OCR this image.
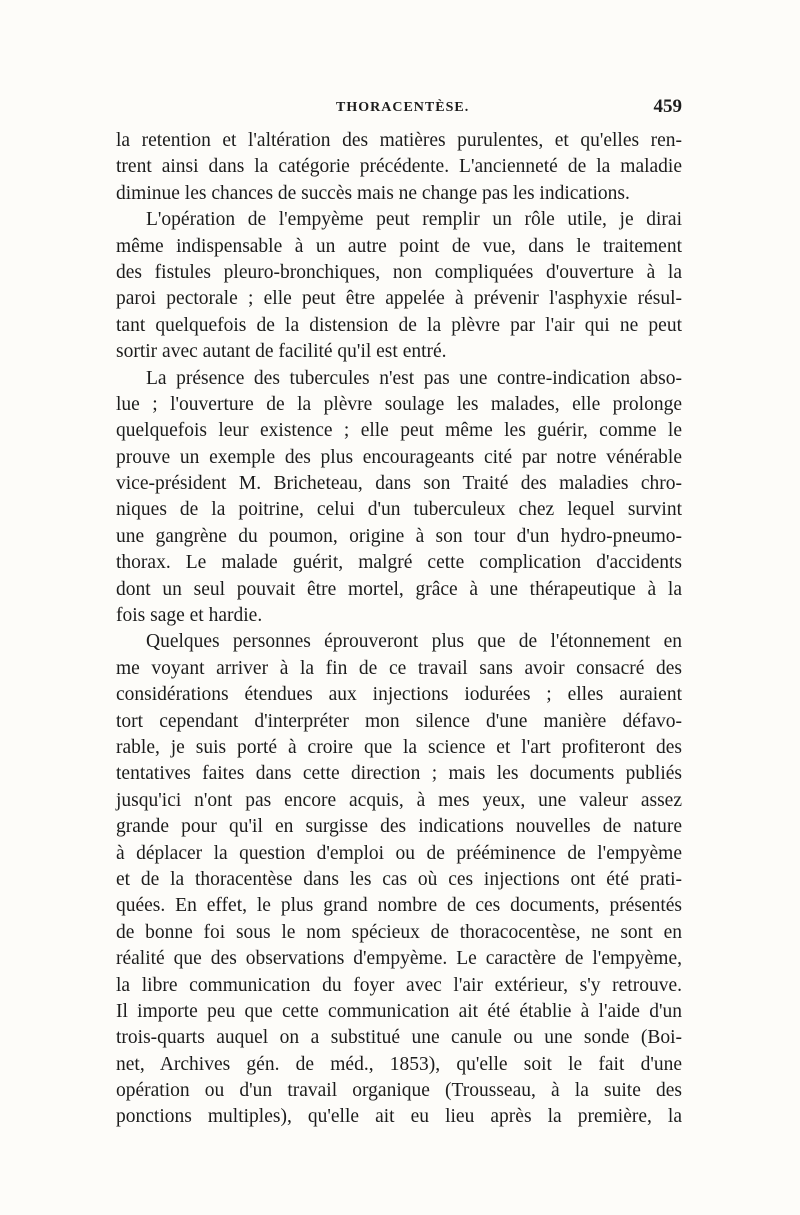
THORACENTÈSE.	459
la retention et l'altération des matières purulentes, et qu'elles ren-
trent ainsi dans la catégorie précédente. L'ancienneté de la maladie
diminue les chances de succès mais ne change pas les indications.
L'opération de l'empyème peut remplir un rôle utile, je dirai
même indispensable à un autre point de vue, dans le traitement
des fistules pleuro-bronchiques, non compliquées d'ouverture à la
paroi pectorale ; elle peut être appelée à prévenir l'asphyxie résul-
tant quelquefois de la distension de la plèvre par l'air qui ne peut
sortir avec autant de facilité qu'il est entré.
La présence des tubercules n'est pas une contre-indication abso-
lue ; l'ouverture de la plèvre soulage les malades, elle prolonge
quelquefois leur existence ; elle peut même les guérir, comme le
prouve un exemple des plus encourageants cité par notre vénérable
vice-président M. Bricheteau, dans son Traité des maladies chro-
niques de la poitrine, celui d'un tuberculeux chez lequel survint
une gangrène du poumon, origine à son tour d'un hydro-pneumo-
thorax. Le malade guérit, malgré cette complication d'accidents
dont un seul pouvait être mortel, grâce à une thérapeutique à la
fois sage et hardie.
Quelques personnes éprouveront plus que de l'étonnement en
me voyant arriver à la fin de ce travail sans avoir consacré des
considérations étendues aux injections iodurées ; elles auraient
tort cependant d'interpréter mon silence d'une manière défavo-
rable, je suis porté à croire que la science et l'art profiteront des
tentatives faites dans cette direction ; mais les documents publiés
jusqu'ici n'ont pas encore acquis, à mes yeux, une valeur assez
grande pour qu'il en surgisse des indications nouvelles de nature
à déplacer la question d'emploi ou de prééminence de l'empyème
et de la thoracentèse dans les cas où ces injections ont été prati-
quées. En effet, le plus grand nombre de ces documents, présentés
de bonne foi sous le nom spécieux de thoracocentèse, ne sont en
réalité que des observations d'empyème. Le caractère de l'empyème,
la libre communication du foyer avec l'air extérieur, s'y retrouve.
Il importe peu que cette communication ait été établie à l'aide d'un
trois-quarts auquel on a substitué une canule ou une sonde (Boi-
net, Archives gén. de méd., 1853), qu'elle soit le fait d'une
opération ou d'un travail organique (Trousseau, à la suite des
ponctions multiples), qu'elle ait eu lieu après la première, la
